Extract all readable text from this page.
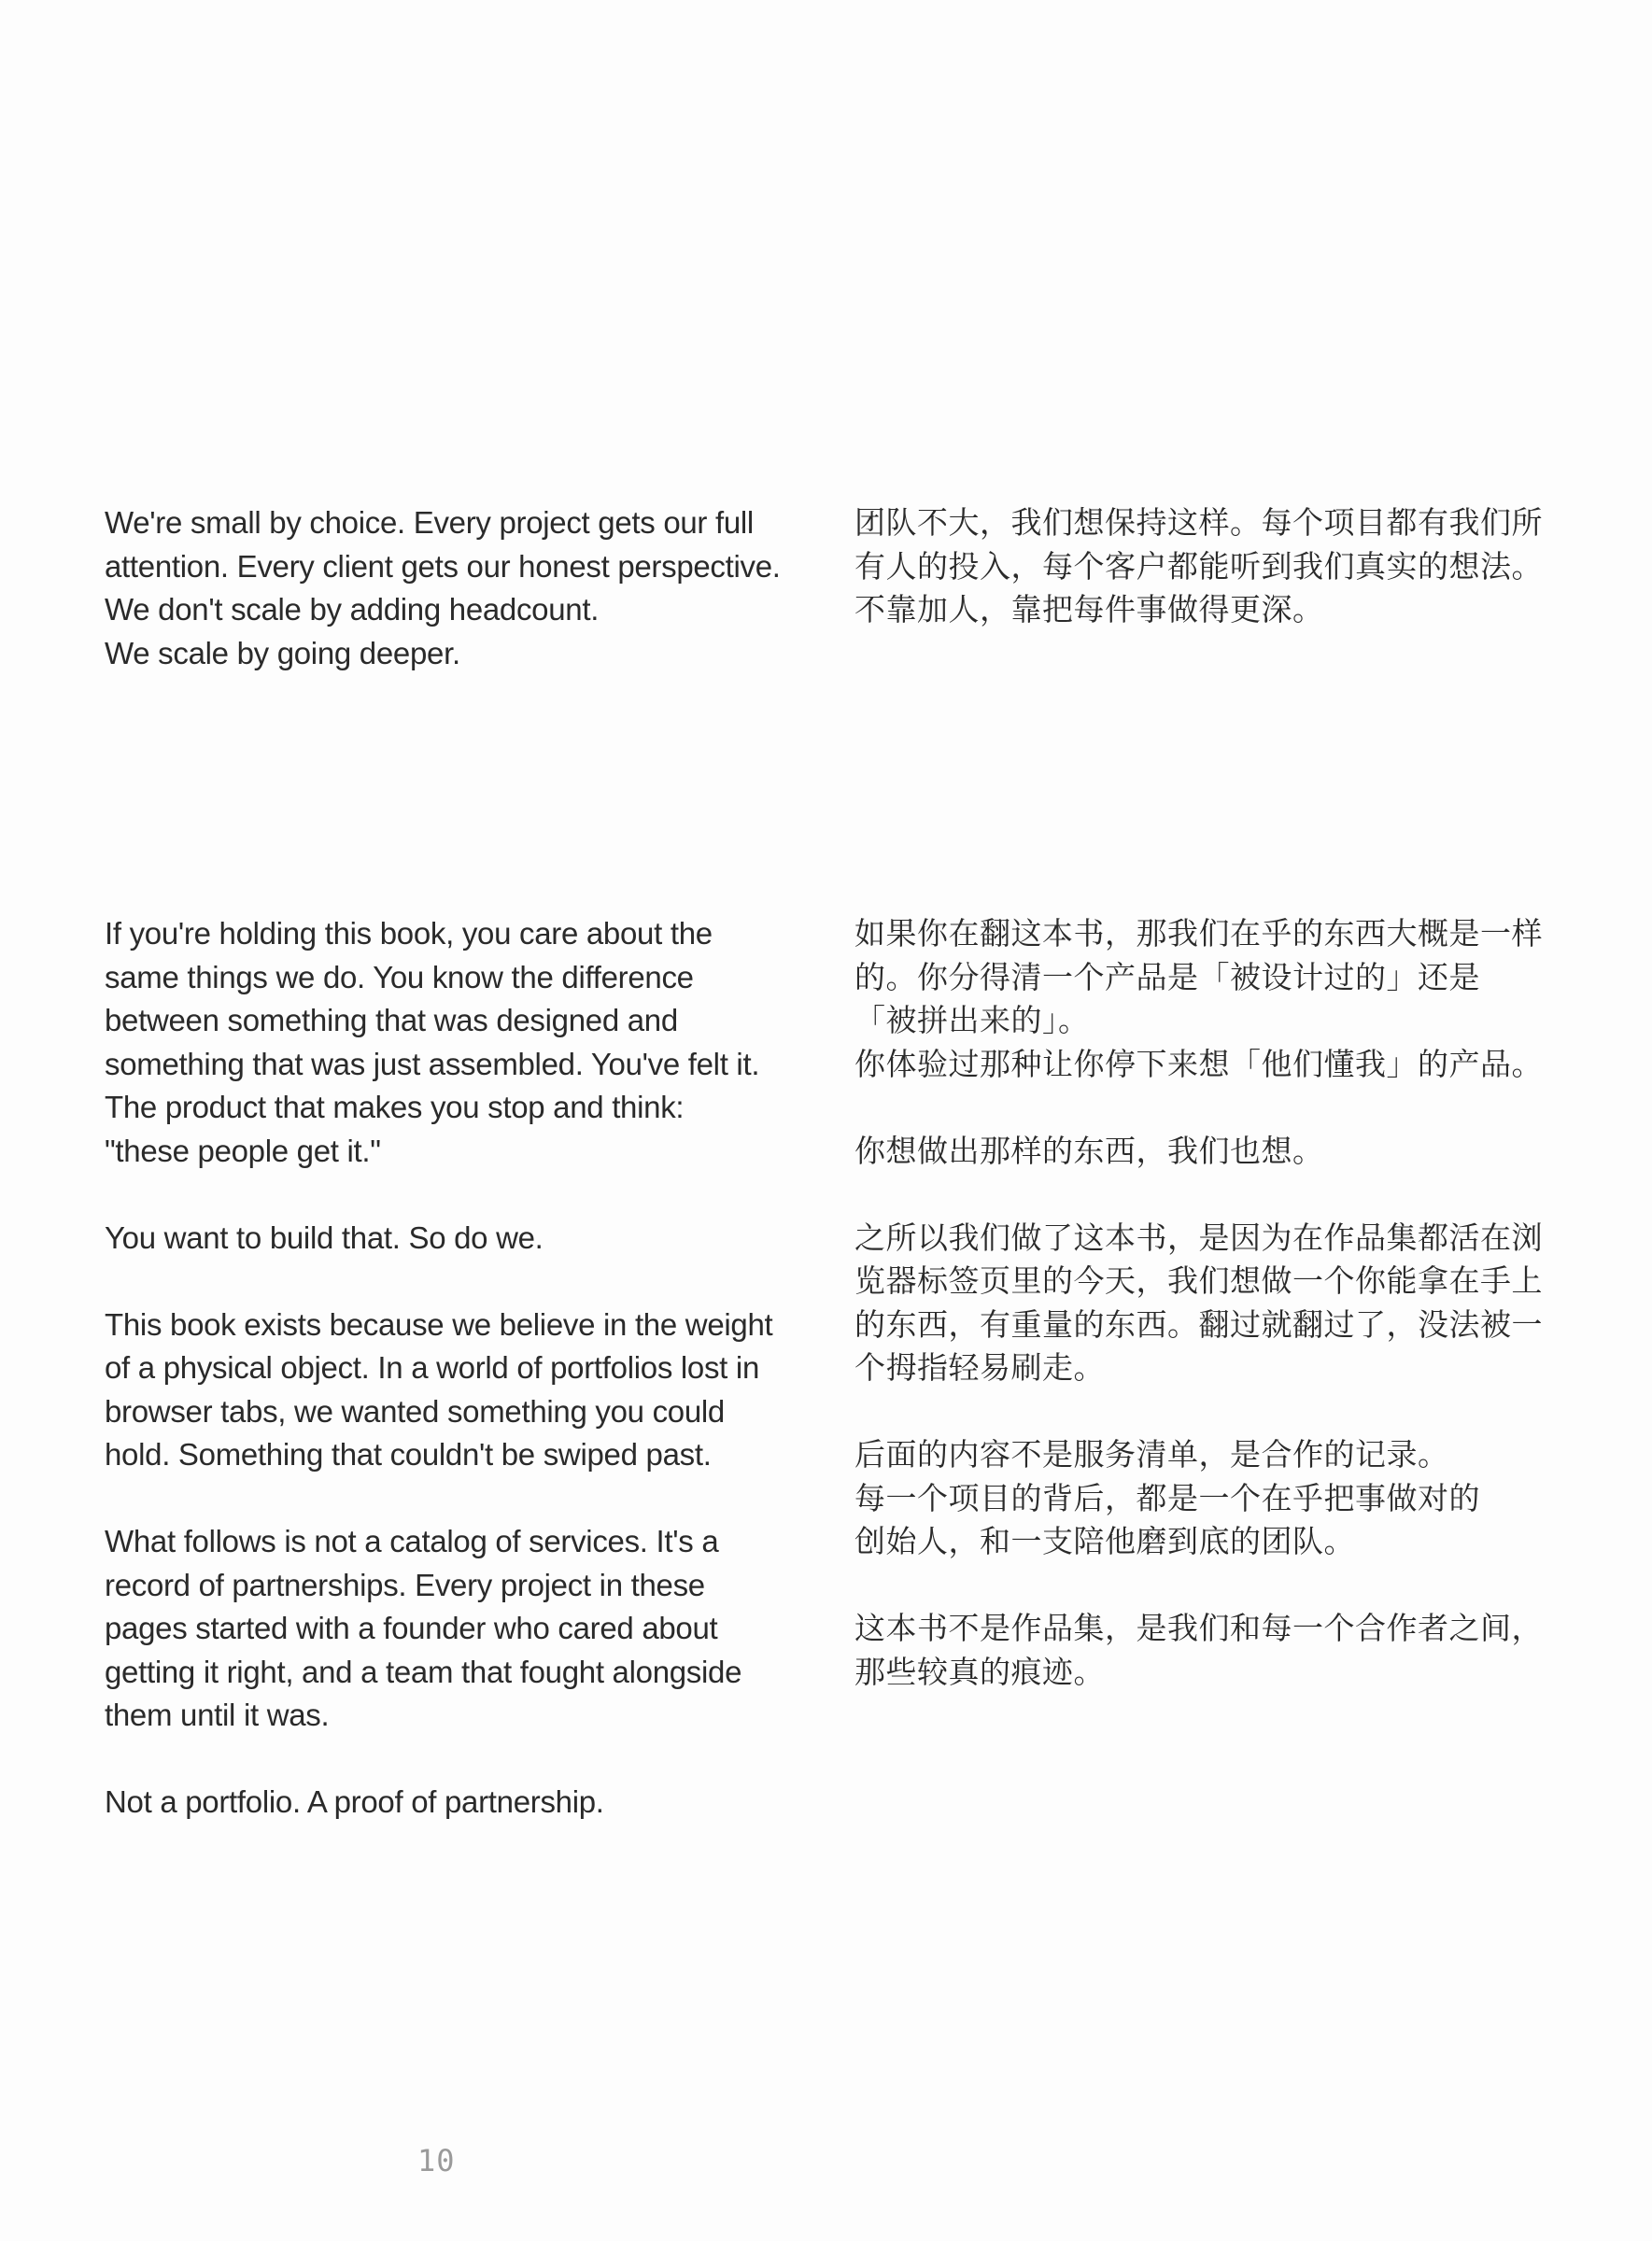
We're small by choice. Every project gets our full

attention. Every client gets our honest perspective.

We don't scale by adding headcount.

We scale by going deeper.

团队不大，我们想保持这样。每个项目都有我们所

有人的投入，每个客户都能听到我们真实的想法。

不靠加人，靠把每件事做得更深。

If you're holding this book, you care about the

same things we do. You know the difference

between something that was designed and

something that was just assembled. You've felt it.

The product that makes you stop and think:

"these people get it."

You want to build that. So do we.

This book exists because we believe in the weight

of a physical object. In a world of portfolios lost in

browser tabs, we wanted something you could

hold. Something that couldn't be swiped past.

What follows is not a catalog of services. It's a

record of partnerships. Every project in these

pages started with a founder who cared about

getting it right, and a team that fought alongside

them until it was.

Not a portfolio. A proof of partnership.

如果你在翻这本书，那我们在乎的东西大概是一样

的。你分得清一个产品是「被设计过的」还是

「被拼出来的」。

你体验过那种让你停下来想「他们懂我」的产品。

你想做出那样的东西，我们也想。

之所以我们做了这本书，是因为在作品集都活在浏

览器标签页里的今天，我们想做一个你能拿在手上

的东西，有重量的东西。翻过就翻过了，没法被一

个拇指轻易刷走。

后面的内容不是服务清单，是合作的记录。

每一个项目的背后，都是一个在乎把事做对的

创始人，和一支陪他磨到底的团队。

这本书不是作品集，是我们和每一个合作者之间，

那些较真的痕迹。

10
